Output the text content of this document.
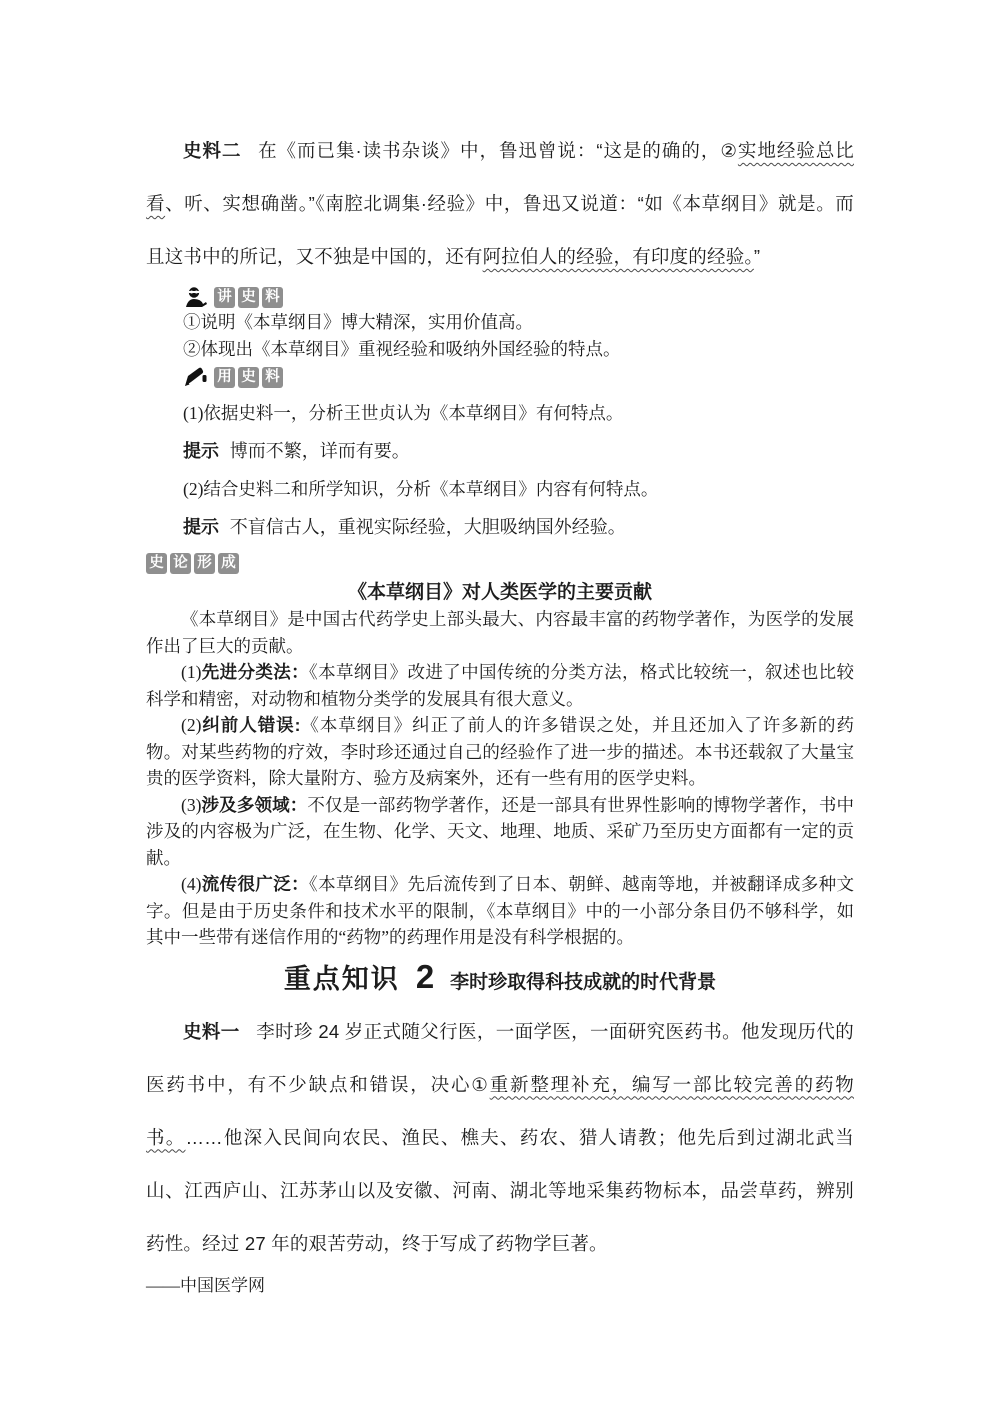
史料二 在《而已集·读书杂谈》中，鲁迅曾说：“这是的确的，②实地经验总比看、听、实想确凿。”《南腔北调集·经验》中，鲁迅又说道：“如《本草纲目》就是。而且这书中的所记，又不独是中国的，还有阿拉伯人的经验，有印度的经验。”

讲 史 料

①说明《本草纲目》博大精深，实用价值高。

②体现出《本草纲目》重视经验和吸纳外国经验的特点。

用 史 料

(1)依据史料一，分析王世贞认为《本草纲目》有何特点。

提示 博而不繁，详而有要。

(2)结合史料二和所学知识，分析《本草纲目》内容有何特点。

提示 不盲信古人，重视实际经验，大胆吸纳国外经验。

史 论 形 成
《本草纲目》对人类医学的主要贡献

《本草纲目》是中国古代药学史上部头最大、内容最丰富的药物学著作，为医学的发展作出了巨大的贡献。

(1)先进分类法：《本草纲目》改进了中国传统的分类方法，格式比较统一，叙述也比较科学和精密，对动物和植物分类学的发展具有很大意义。

(2)纠前人错误:《本草纲目》纠正了前人的许多错误之处，并且还加入了许多新的药物。对某些药物的疗效，李时珍还通过自己的经验作了进一步的描述。本书还载叙了大量宝贵的医学资料，除大量附方、验方及病案外，还有一些有用的医学史料。

(3)涉及多领域：不仅是一部药物学著作，还是一部具有世界性影响的博物学著作，书中涉及的内容极为广泛，在生物、化学、天文、地理、地质、采矿乃至历史方面都有一定的贡献。

(4)流传很广泛：《本草纲目》先后流传到了日本、朝鲜、越南等地，并被翻译成多种文字。但是由于历史条件和技术水平的限制，《本草纲目》中的一小部分条目仍不够科学，如其中一些带有迷信作用的“药物”的药理作用是没有科学根据的。

重点知识 2 李时珍取得科技成就的时代背景

史料一 李时珍 24 岁正式随父行医，一面学医，一面研究医药书。他发现历代的医药书中，有不少缺点和错误，决心①重新整理补充，编写一部比较完善的药物书。……他深入民间向农民、渔民、樵夫、药农、猎人请教；他先后到过湖北武当山、江西庐山、江苏茅山以及安徽、河南、湖北等地采集药物标本，品尝草药，辨别药性。经过 27 年的艰苦劳动，终于写成了药物学巨著。

——中国医学网
